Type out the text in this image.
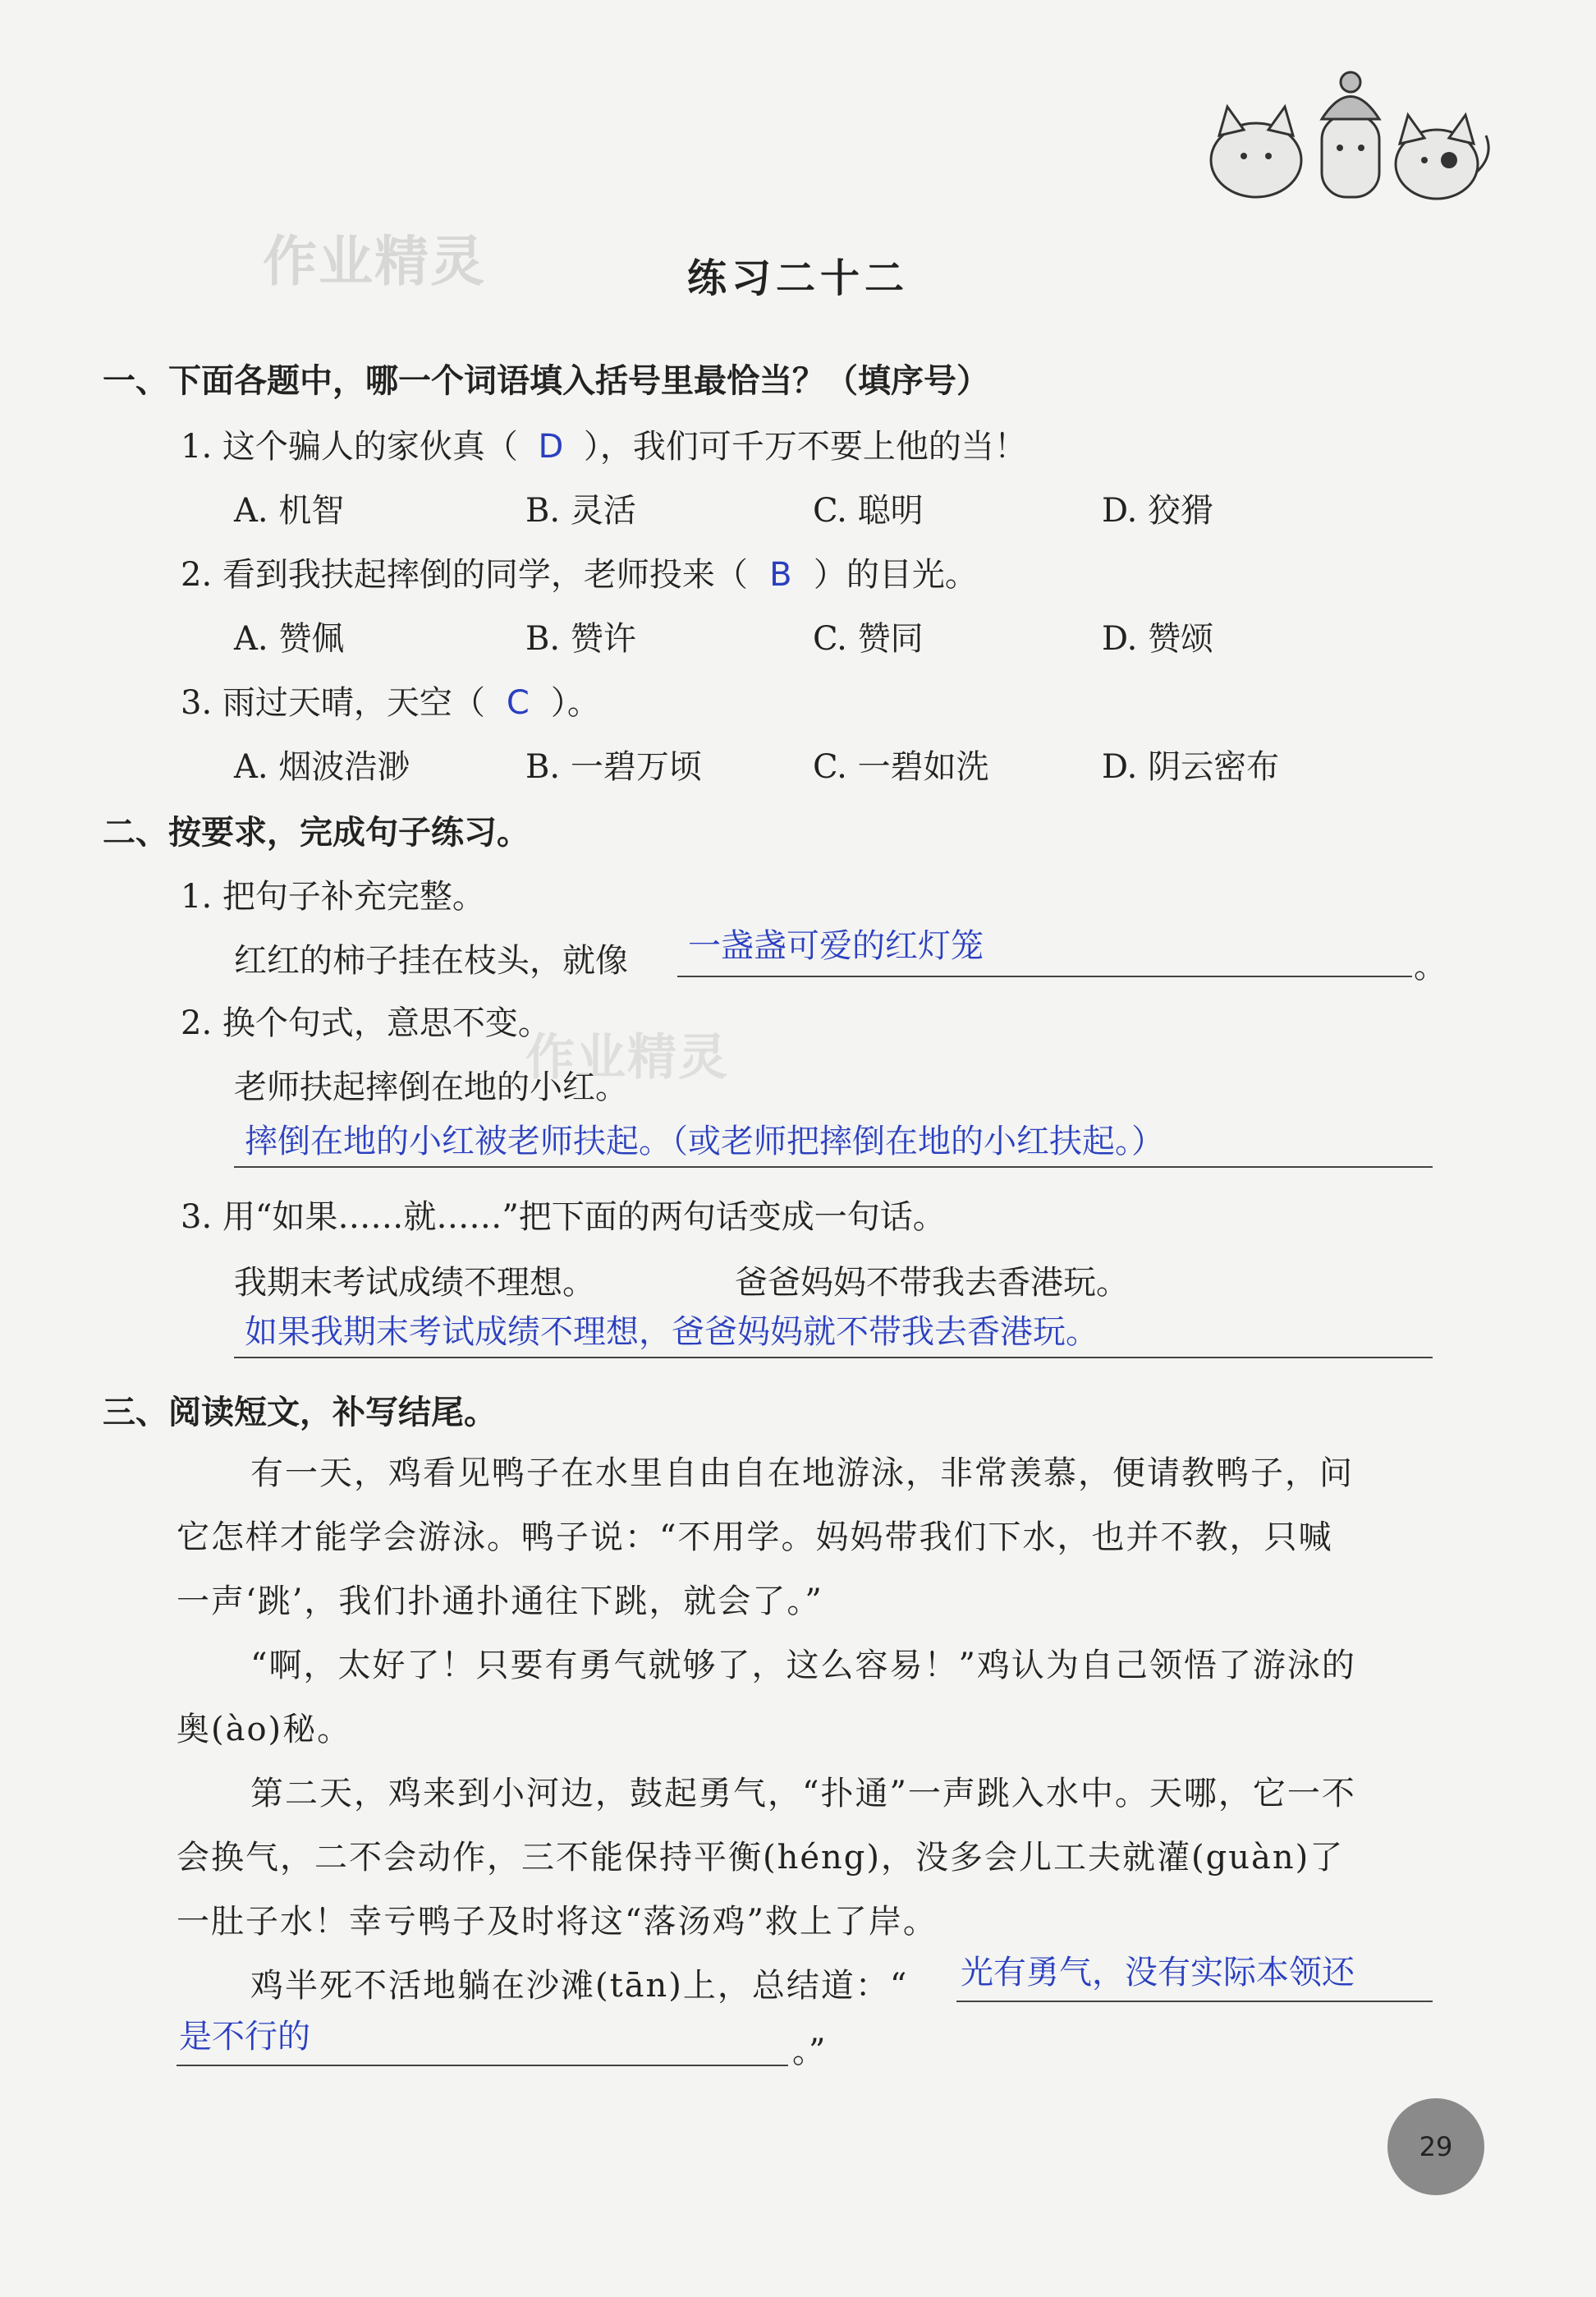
作业精灵
作业精灵
练习二十二
一、下面各题中，哪一个词语填入括号里最恰当？（填序号）
1. 这个骗人的家伙真（ D ），我们可千万不要上他的当！
A. 机智	B. 灵活	C. 聪明	D. 狡猾
2. 看到我扶起摔倒的同学，老师投来（ B ）的目光。
A. 赞佩	B. 赞许	C. 赞同	D. 赞颂
3. 雨过天晴，天空（ C ）。
A. 烟波浩渺	B. 一碧万顷	C. 一碧如洗	D. 阴云密布
二、按要求，完成句子练习。
1. 把句子补充完整。
红红的柿子挂在枝头，就像 一盏盏可爱的红灯笼
。
2. 换个句式，意思不变。
老师扶起摔倒在地的小红。
摔倒在地的小红被老师扶起。（或老师把摔倒在地的小红扶起。）
3. 用“如果……就……”把下面的两句话变成一句话。
我期末考试成绩不理想。	爸爸妈妈不带我去香港玩。
如果我期末考试成绩不理想，爸爸妈妈就不带我去香港玩。
三、阅读短文，补写结尾。
有一天，鸡看见鸭子在水里自由自在地游泳，非常羡慕，便请教鸭子，问
它怎样才能学会游泳。鸭子说：“不用学。妈妈带我们下水，也并不教，只喊
一声‘跳’，我们扑通扑通往下跳，就会了。”
“啊，太好了！只要有勇气就够了，这么容易！”鸡认为自己领悟了游泳的
奥(ào)秘。
第二天，鸡来到小河边，鼓起勇气，“扑通”一声跳入水中。天哪，它一不
会换气，二不会动作，三不能保持平衡(héng)，没多会儿工夫就灌(guàn)了
一肚子水！幸亏鸭子及时将这“落汤鸡”救上了岸。
鸡半死不活地躺在沙滩(tān)上，总结道：“ 光有勇气，没有实际本领还
是不行的	。”
29
